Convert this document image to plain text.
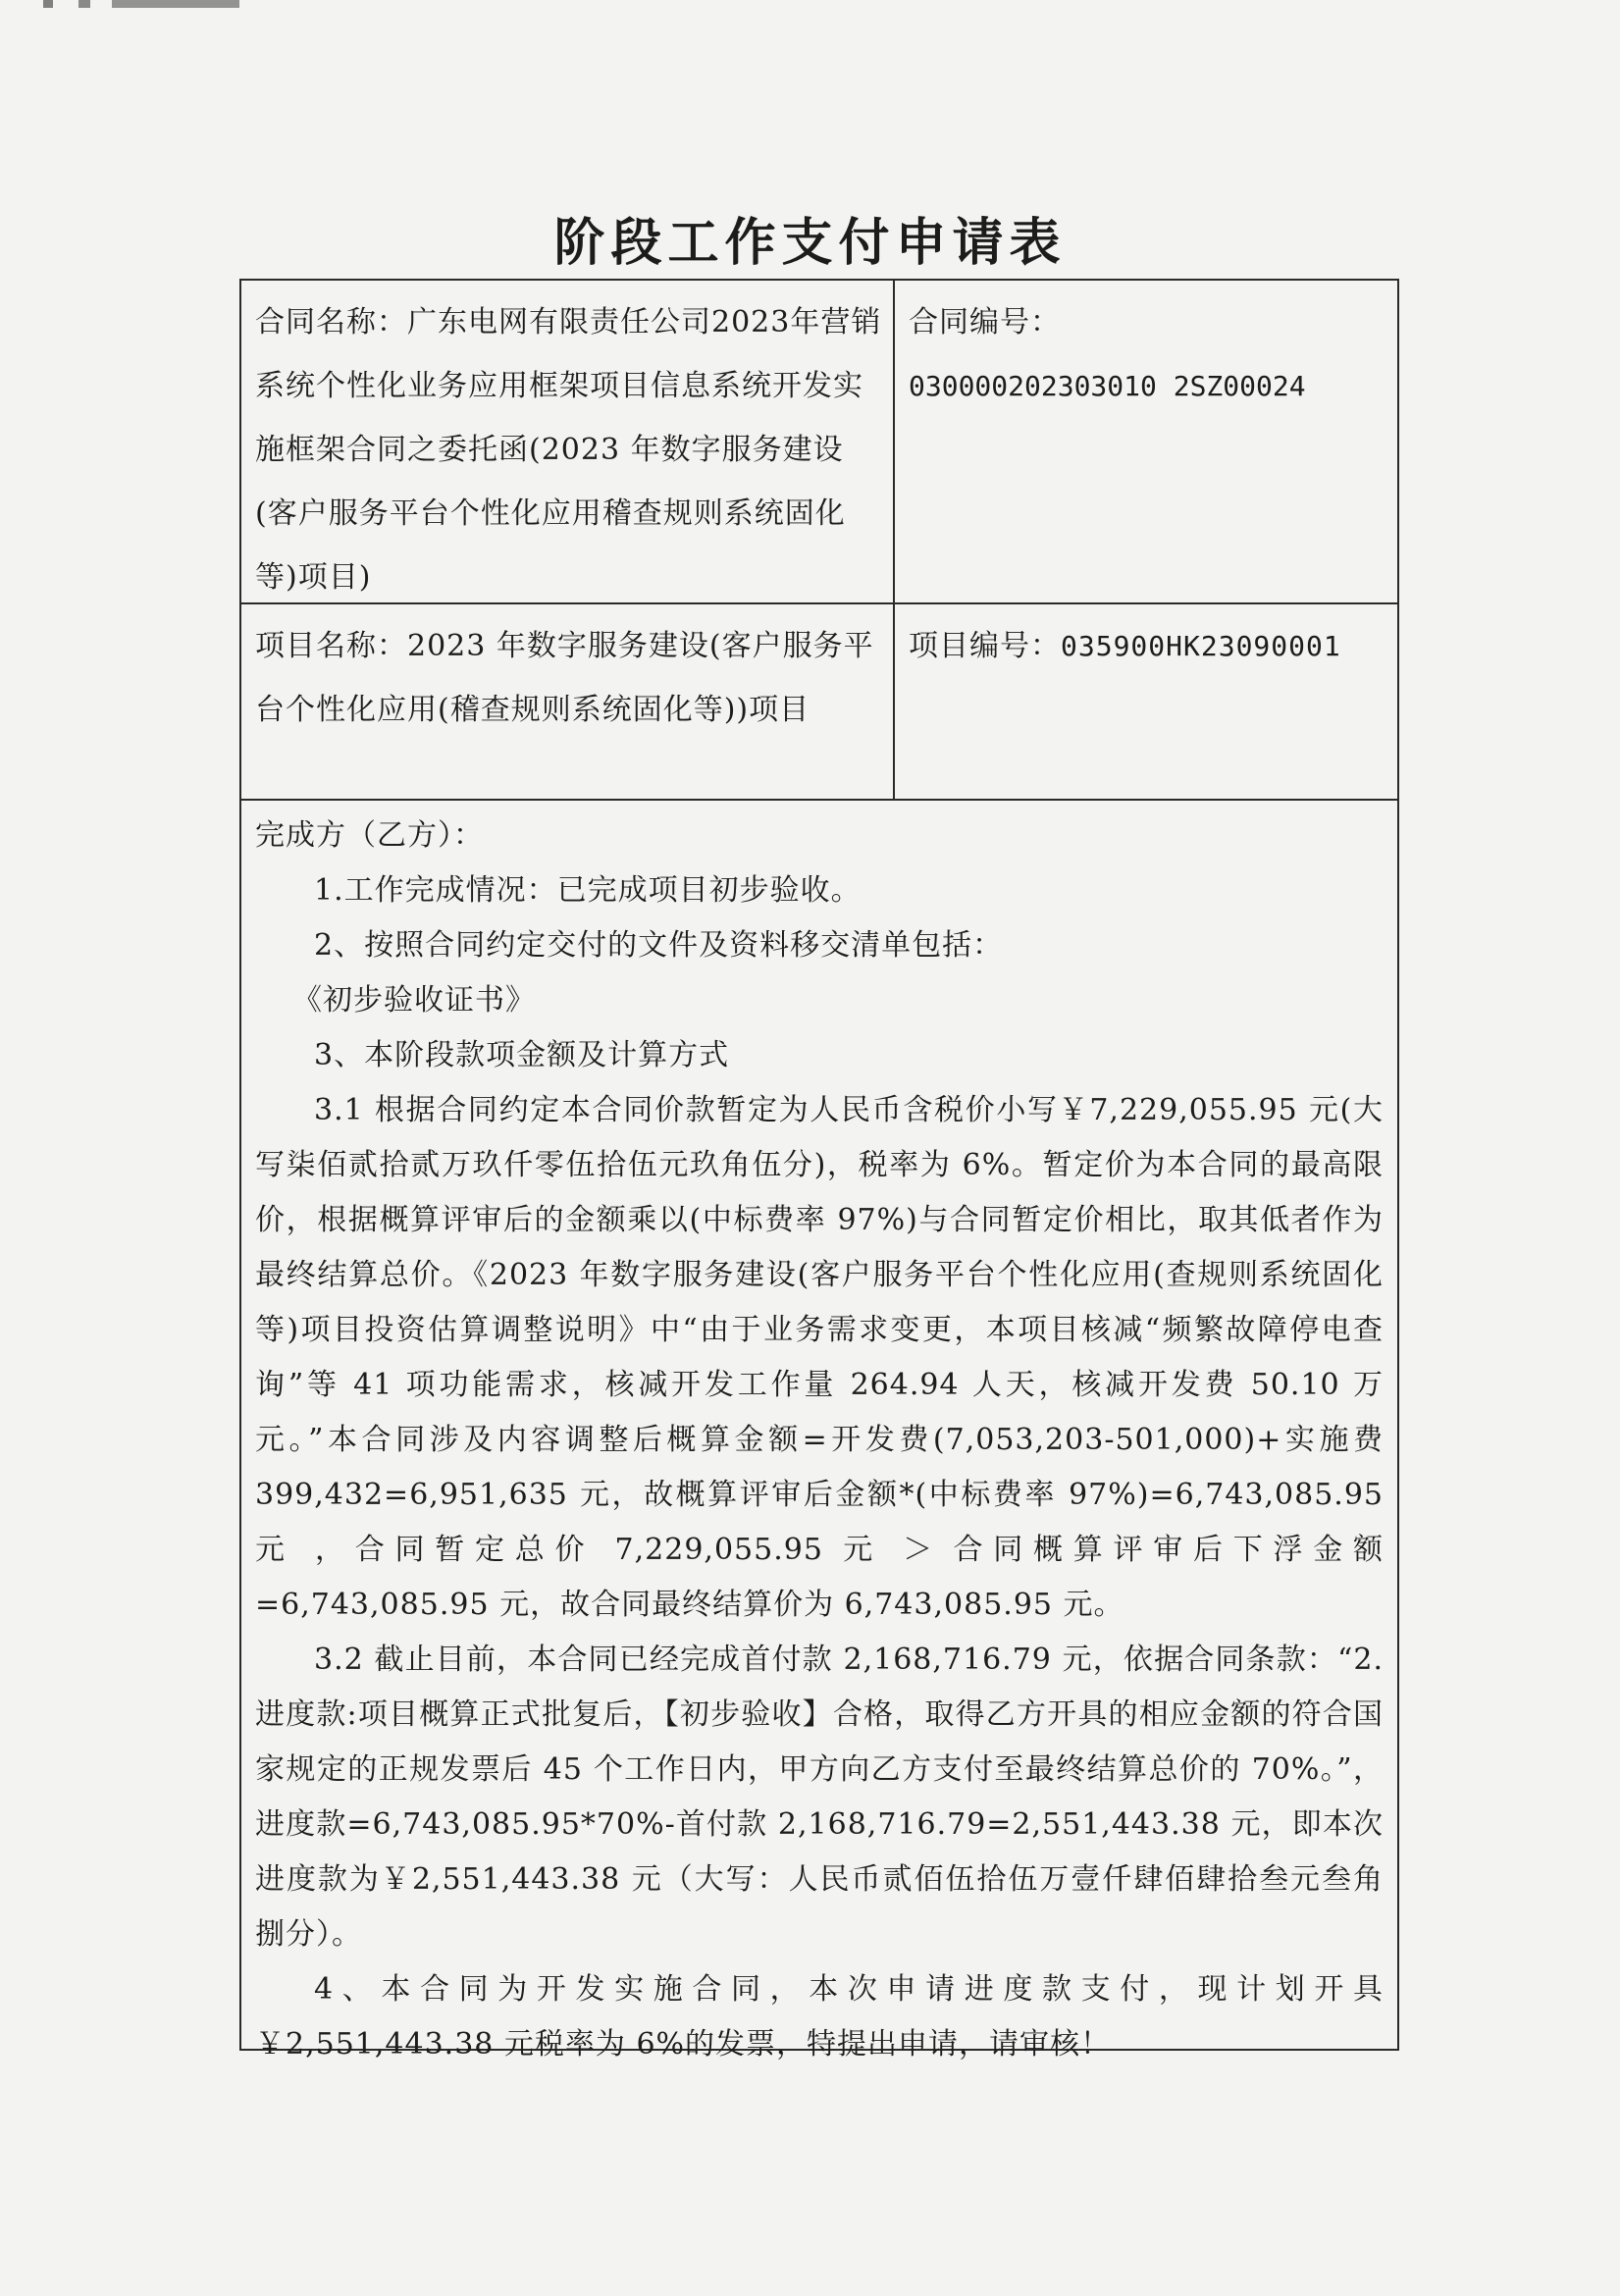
阶段工作支付申请表
合同名称：广东电网有限责任公司2023年营销系统个性化业务应用框架项目信息系统开发实施框架合同之委托函(2023 年数字服务建设(客户服务平台个性化应用稽查规则系统固化等)项目)
合同编号：
030000202303010 2SZ00024
项目名称：2023 年数字服务建设(客户服务平台个性化应用(稽查规则系统固化等))项目
项目编号：035900HK23090001

完成方（乙方）：

1.工作完成情况：已完成项目初步验收。

2、按照合同约定交付的文件及资料移交清单包括：

《初步验收证书》

3、本阶段款项金额及计算方式

3.1 根据合同约定本合同价款暂定为人民币含税价小写￥7,229,055.95 元(大写柒佰贰拾贰万玖仟零伍拾伍元玖角伍分)，税率为 6%。暂定价为本合同的最高限价，根据概算评审后的金额乘以(中标费率 97%)与合同暂定价相比，取其低者作为最终结算总价。《2023 年数字服务建设(客户服务平台个性化应用(查规则系统固化等)项目投资估算调整说明》中“由于业务需求变更，本项目核减“频繁故障停电查询”等 41 项功能需求，核减开发工作量 264.94 人天，核减开发费 50.10 万元。”本合同涉及内容调整后概算金额=开发费(7,053,203-501,000)+实施费 399,432=6,951,635 元，故概算评审后金额*(中标费率 97%)=6,743,085.95 元 ，合同暂定总价 7,229,055.95 元 ＞ 合同概算评审后下浮金额=6,743,085.95 元，故合同最终结算价为 6,743,085.95 元。

3.2 截止目前，本合同已经完成首付款 2,168,716.79 元，依据合同条款：“2.进度款:项目概算正式批复后，【初步验收】合格，取得乙方开具的相应金额的符合国家规定的正规发票后 45 个工作日内，甲方向乙方支付至最终结算总价的 70%。”，进度款=6,743,085.95*70%-首付款 2,168,716.79=2,551,443.38 元，即本次进度款为￥2,551,443.38 元（大写：人民币贰佰伍拾伍万壹仟肆佰肆拾叁元叁角捌分）。

4、本合同为开发实施合同，本次申请进度款支付，现计划开具￥2,551,443.38 元税率为 6%的发票，特提出申请，请审核！
